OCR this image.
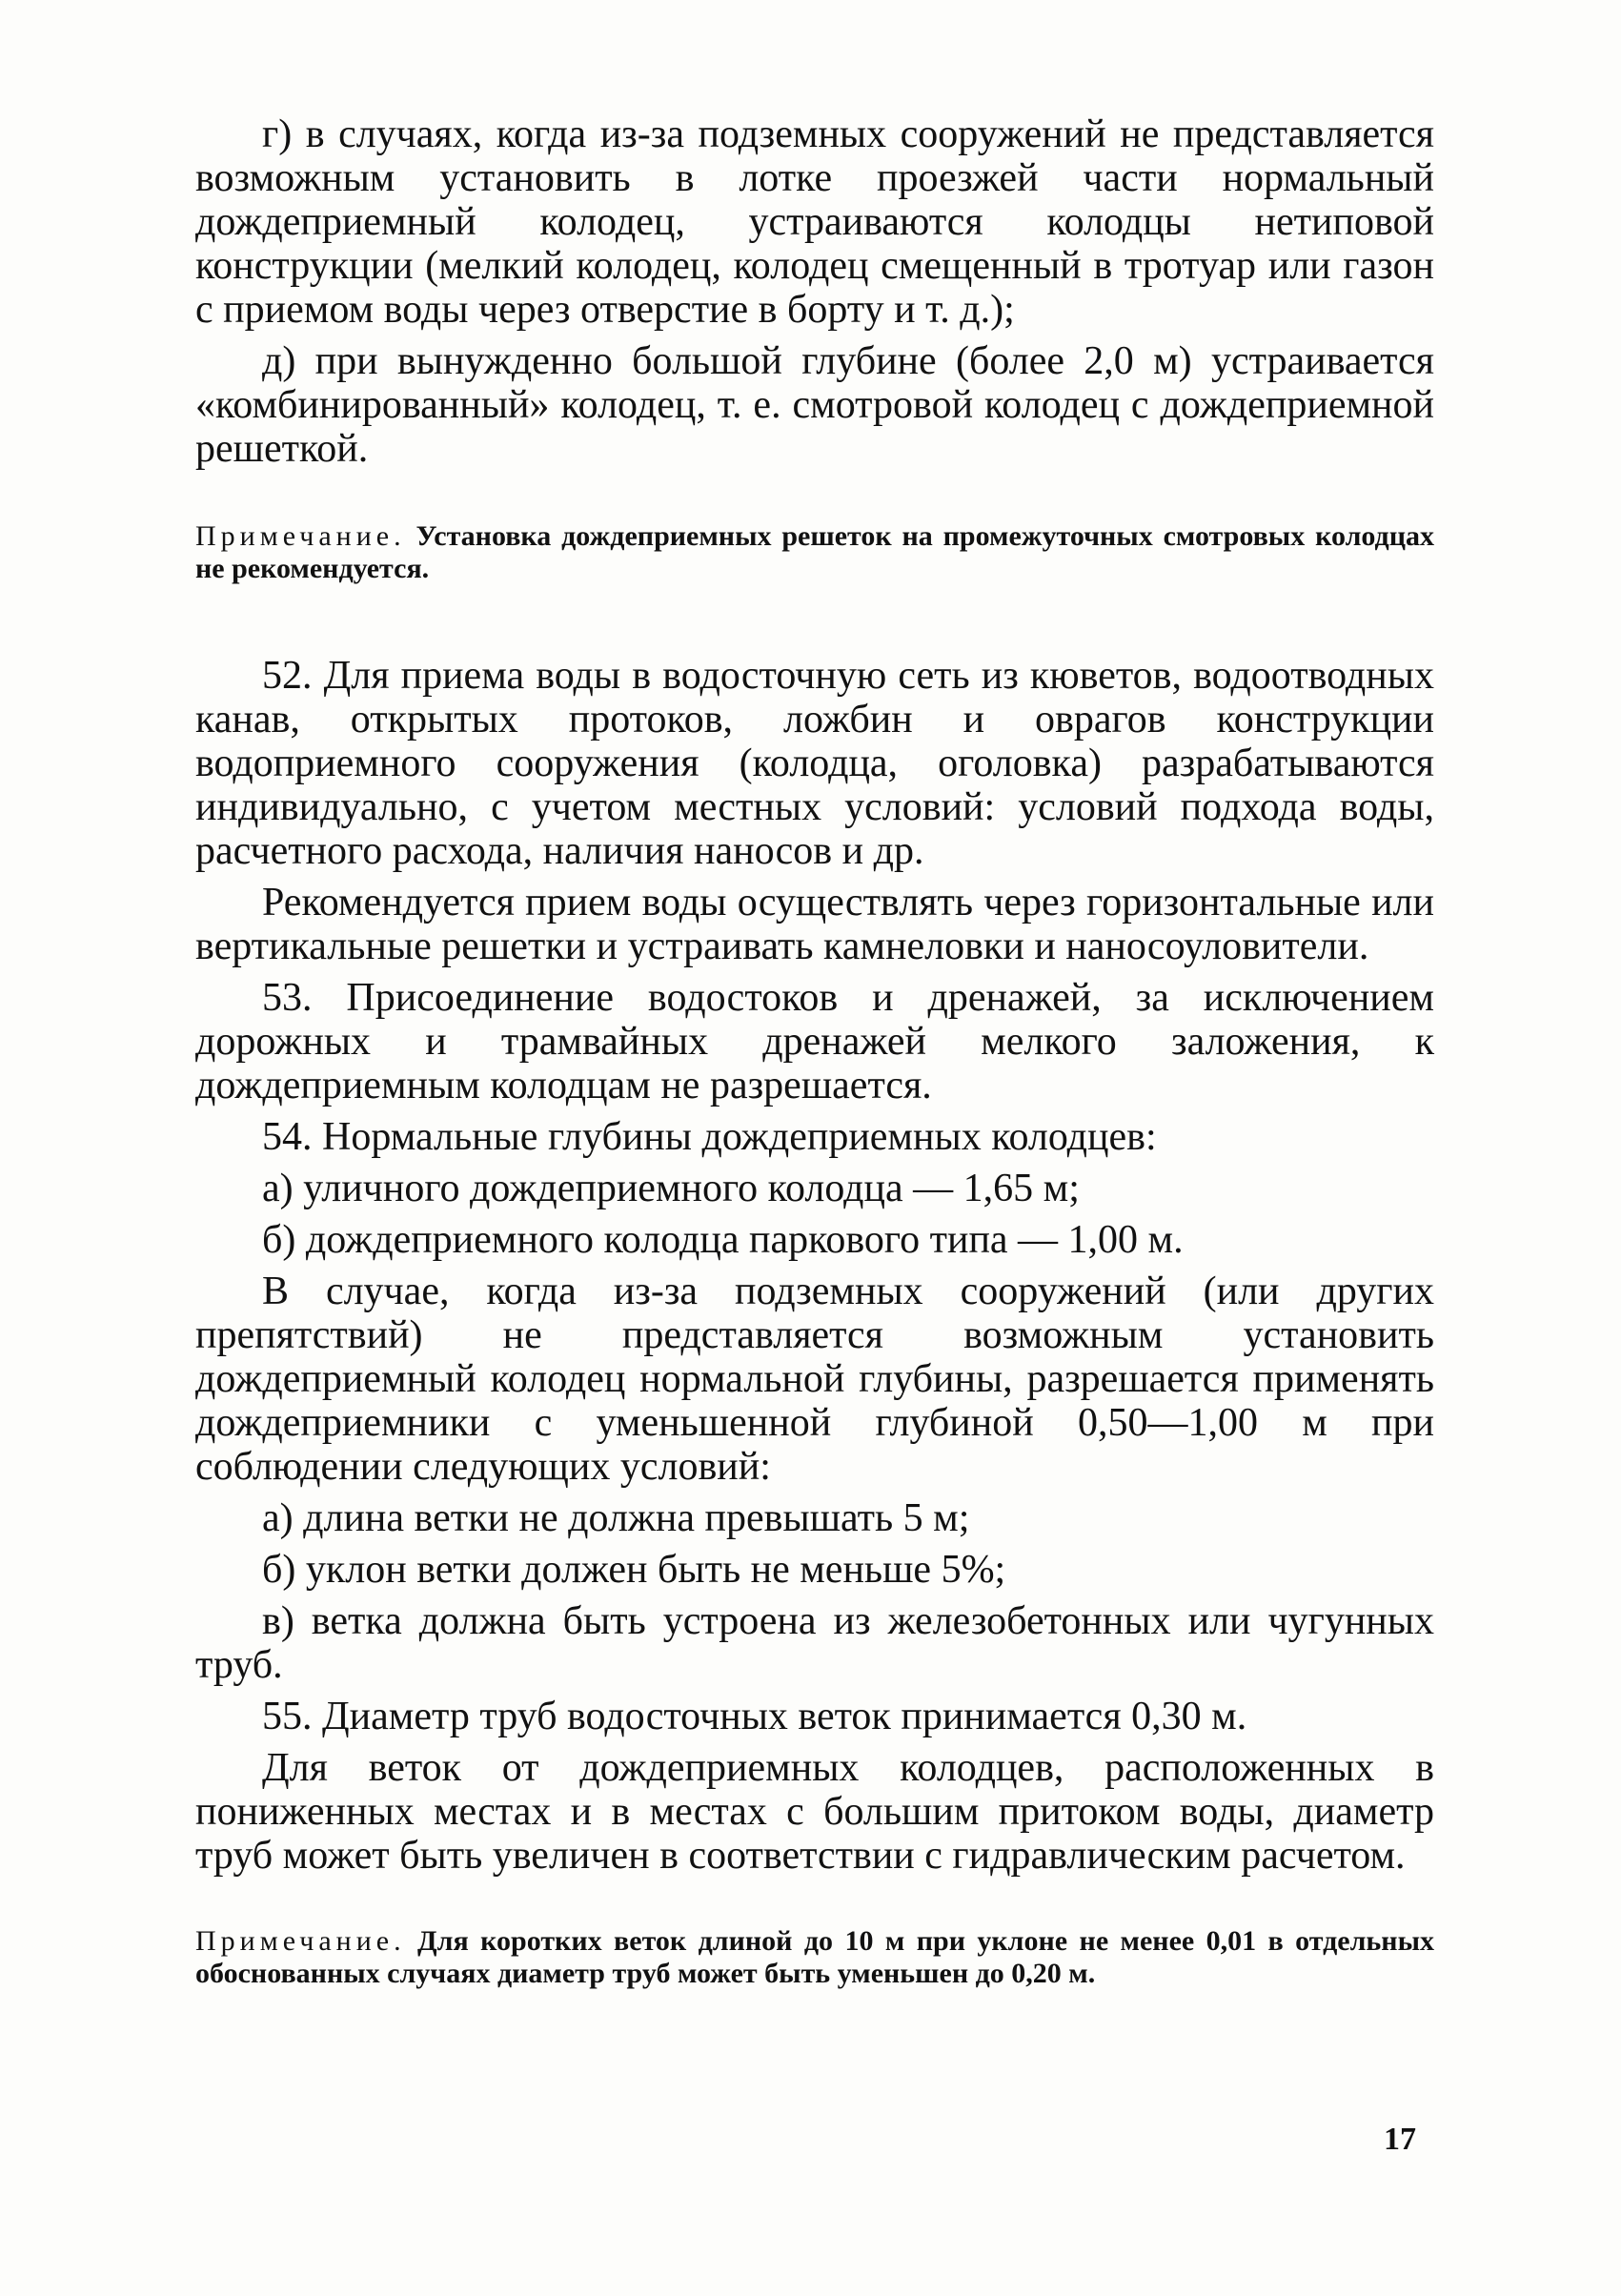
г) в случаях, когда из-за подземных сооружений не представляется возможным установить в лотке проезжей части нормальный дождеприемный колодец, устраиваются колодцы нетиповой конструкции (мелкий колодец, колодец смещенный в тротуар или газон с приемом воды через отверстие в борту и т. д.);

д) при вынужденно большой глубине (более 2,0 м) устраивается «комбинированный» колодец, т. е. смотровой колодец с дождеприемной решеткой.

Примечание. Установка дождеприемных решеток на промежуточных смотровых колодцах не рекомендуется.

52. Для приема воды в водосточную сеть из кюветов, водоотводных канав, открытых протоков, ложбин и оврагов конструкции водоприемного сооружения (колодца, оголовка) разрабатываются индивидуально, с учетом местных условий: условий подхода воды, расчетного расхода, наличия наносов и др.

Рекомендуется прием воды осуществлять через горизонтальные или вертикальные решетки и устраивать камнеловки и наносоуловители.

53. Присоединение водостоков и дренажей, за исключением дорожных и трамвайных дренажей мелкого заложения, к дождеприемным колодцам не разрешается.

54. Нормальные глубины дождеприемных колодцев:

а) уличного дождеприемного колодца — 1,65 м;

б) дождеприемного колодца паркового типа — 1,00 м.

В случае, когда из-за подземных сооружений (или других препятствий) не представляется возможным установить дождеприемный колодец нормальной глубины, разрешается применять дождеприемники с уменьшенной глубиной 0,50—1,00 м при соблюдении следующих условий:

а) длина ветки не должна превышать 5 м;

б) уклон ветки должен быть не меньше 5%;

в) ветка должна быть устроена из железобетонных или чугунных труб.

55. Диаметр труб водосточных веток принимается 0,30 м.

Для веток от дождеприемных колодцев, расположенных в пониженных местах и в местах с большим притоком воды, диаметр труб может быть увеличен в соответствии с гидравлическим расчетом.

Примечание. Для коротких веток длиной до 10 м при уклоне не менее 0,01 в отдельных обоснованных случаях диаметр труб может быть уменьшен до 0,20 м.

17
